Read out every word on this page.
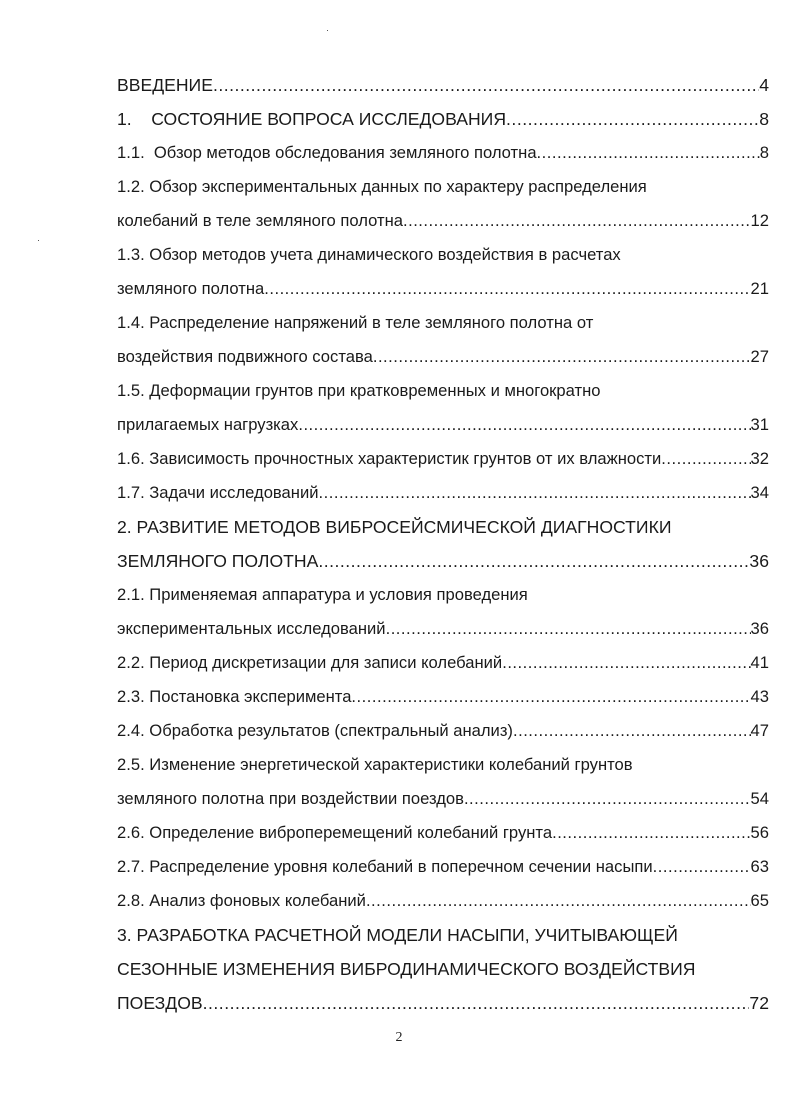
ВВЕДЕНИЕ .....	4
1.    СОСТОЯНИЕ ВОПРОСА ИССЛЕДОВАНИЯ .....	8
1.1.  Обзор методов обследования земляного полотна .....	8
1.2. Обзор экспериментальных данных по характеру распределения
колебаний в теле земляного полотна .....	12
1.3. Обзор методов учета динамического воздействия в расчетах
земляного полотна .....	21
1.4. Распределение напряжений в теле земляного полотна от
воздействия подвижного состава .....	27
1.5. Деформации грунтов при кратковременных и многократно
прилагаемых нагрузках .....	31
1.6. Зависимость прочностных характеристик грунтов от их влажности .....	32
1.7. Задачи исследований .....	34
2. РАЗВИТИЕ МЕТОДОВ ВИБРОСЕЙСМИЧЕСКОЙ ДИАГНОСТИКИ
ЗЕМЛЯНОГО ПОЛОТНА .....	36
2.1. Применяемая аппаратура и условия проведения
экспериментальных исследований .....	36
2.2. Период дискретизации для записи колебаний .....	41
2.3. Постановка эксперимента .....	43
2.4. Обработка результатов (спектральный анализ) .....	47
2.5. Изменение энергетической характеристики колебаний грунтов
земляного полотна при воздействии поездов .....	54
2.6. Определение виброперемещений колебаний грунта .....	56
2.7. Распределение уровня колебаний в поперечном сечении насыпи .....	63
2.8. Анализ фоновых колебаний .....	65
3. РАЗРАБОТКА РАСЧЕТНОЙ МОДЕЛИ НАСЫПИ, УЧИТЫВАЮЩЕЙ
СЕЗОННЫЕ ИЗМЕНЕНИЯ ВИБРОДИНАМИЧЕСКОГО ВОЗДЕЙСТВИЯ
ПОЕЗДОВ .....	72
2
